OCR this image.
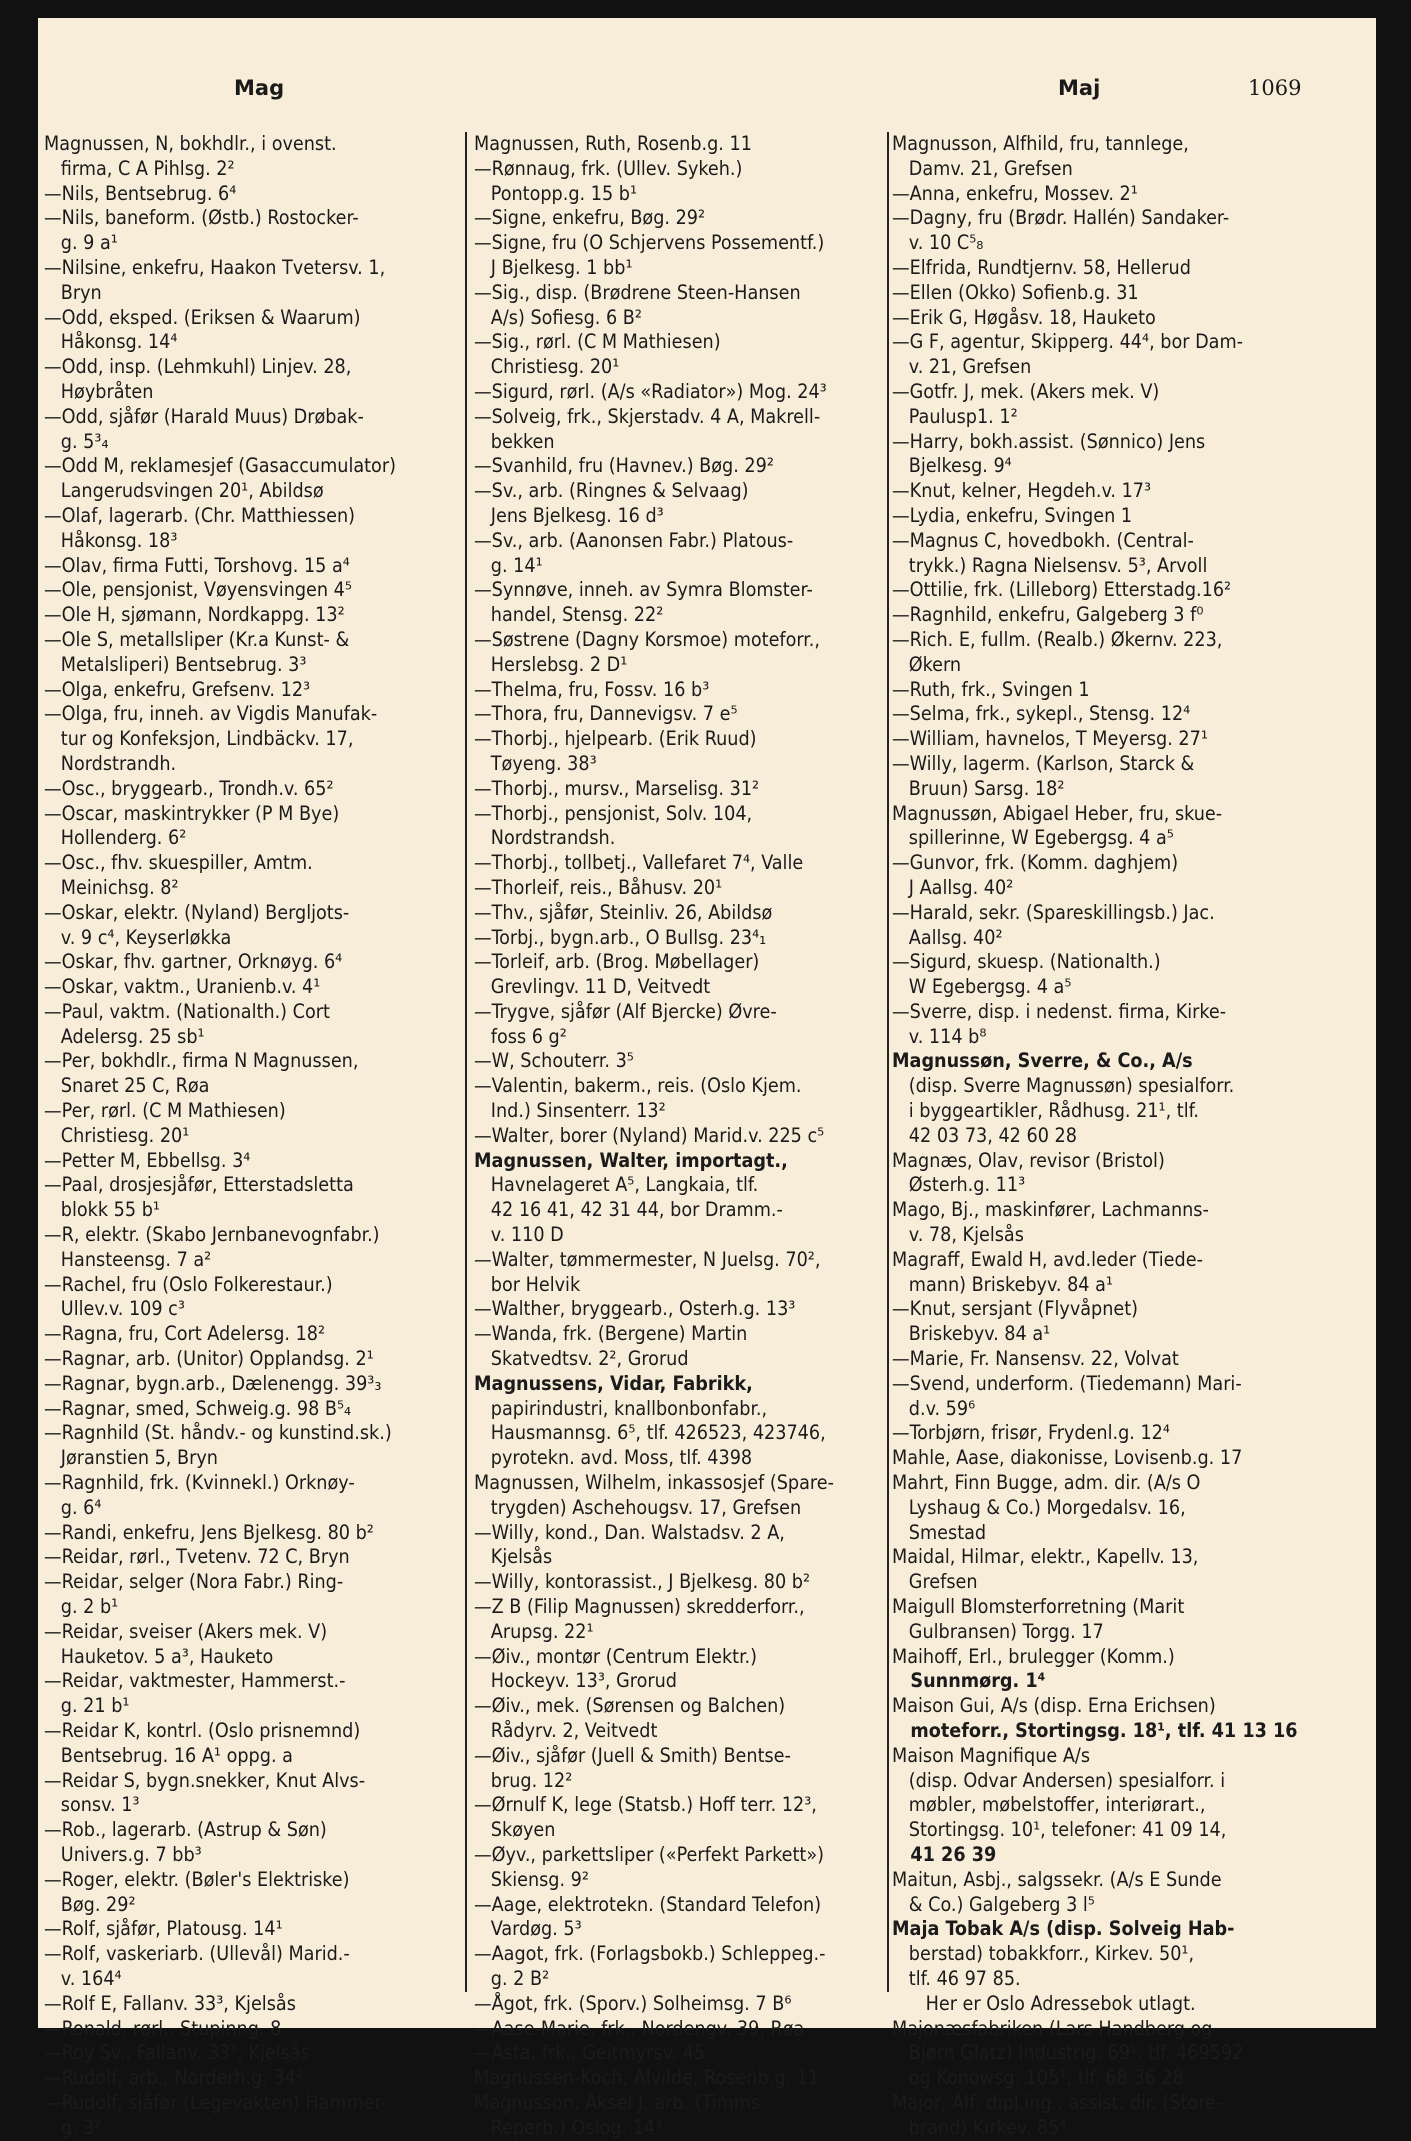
Mag	Maj	1069
Magnussen, N, bokhdlr., i ovenst.
firma, C A Pihlsg. 2²
—Nils, Bentsebrug. 6⁴
—Nils, baneform. (Østb.) Rostocker-
g. 9 a¹
—Nilsine, enkefru, Haakon Tvetersv. 1,
Bryn
—Odd, eksped. (Eriksen & Waarum)
Håkonsg. 14⁴
—Odd, insp. (Lehmkuhl) Linjev. 28,
Høybråten
—Odd, sjåfør (Harald Muus) Drøbak-
g. 5³₄
—Odd M, reklamesjef (Gasaccumulator)
Langerudsvingen 20¹, Abildsø
—Olaf, lagerarb. (Chr. Matthiessen)
Håkonsg. 18³
—Olav, firma Futti, Torshovg. 15 a⁴
—Ole, pensjonist, Vøyensvingen 4⁵
—Ole H, sjømann, Nordkappg. 13²
—Ole S, metallsliper (Kr.a Kunst- &
Metalsliperi) Bentsebrug. 3³
—Olga, enkefru, Grefsenv. 12³
—Olga, fru, inneh. av Vigdis Manufak-
tur og Konfeksjon, Lindbäckv. 17,
Nordstrandh.
—Osc., bryggearb., Trondh.v. 65²
—Oscar, maskintrykker (P M Bye)
Hollenderg. 6²
—Osc., fhv. skuespiller, Amtm.
Meinichsg. 8²
—Oskar, elektr. (Nyland) Bergljots-
v. 9 c⁴, Keyserløkka
—Oskar, fhv. gartner, Orknøyg. 6⁴
—Oskar, vaktm., Uranienb.v. 4¹
—Paul, vaktm. (Nationalth.) Cort
Adelersg. 25 sb¹
—Per, bokhdlr., firma N Magnussen,
Snaret 25 C, Røa
—Per, rørl. (C M Mathiesen)
Christiesg. 20¹
—Petter M, Ebbellsg. 3⁴
—Paal, drosjesjåfør, Etterstadsletta
blokk 55 b¹
—R, elektr. (Skabo Jernbanevognfabr.)
Hansteensg. 7 a²
—Rachel, fru (Oslo Folkerestaur.)
Ullev.v. 109 c³
—Ragna, fru, Cort Adelersg. 18²
—Ragnar, arb. (Unitor) Opplandsg. 2¹
—Ragnar, bygn.arb., Dælenengg. 39³₃
—Ragnar, smed, Schweig.g. 98 B⁵₄
—Ragnhild (St. håndv.- og kunstind.sk.)
Jøranstien 5, Bryn
—Ragnhild, frk. (Kvinnekl.) Orknøy-
g. 6⁴
—Randi, enkefru, Jens Bjelkesg. 80 b²
—Reidar, rørl., Tvetenv. 72 C, Bryn
—Reidar, selger (Nora Fabr.) Ring-
g. 2 b¹
—Reidar, sveiser (Akers mek. V)
Hauketov. 5 a³, Hauketo
—Reidar, vaktmester, Hammerst.-
g. 21 b¹
—Reidar K, kontrl. (Oslo prisnemnd)
Bentsebrug. 16 A¹ oppg. a
—Reidar S, bygn.snekker, Knut Alvs-
sonsv. 1³
—Rob., lagerarb. (Astrup & Søn)
Univers.g. 7 bb³
—Roger, elektr. (Bøler's Elektriske)
Bøg. 29²
—Rolf, sjåfør, Platousg. 14¹
—Rolf, vaskeriarb. (Ullevål) Marid.-
v. 164⁴
—Rolf E, Fallanv. 33³, Kjelsås
—Ronald, rørl., Stupinng. 8
—Roy Sv., Fallanv. 33³, Kjelsås
—Rudolf, arb., Norderh.g. 34²
—Rudolf, sjåfør (Legevakten) Hammer-
g. 3²
Magnussen, Ruth, Rosenb.g. 11
—Rønnaug, frk. (Ullev. Sykeh.)
Pontopp.g. 15 b¹
—Signe, enkefru, Bøg. 29²
—Signe, fru (O Schjervens Possementf.)
J Bjelkesg. 1 bb¹
—Sig., disp. (Brødrene Steen-Hansen
A/s) Sofiesg. 6 B²
—Sig., rørl. (C M Mathiesen)
Christiesg. 20¹
—Sigurd, rørl. (A/s «Radiator») Mog. 24³
—Solveig, frk., Skjerstadv. 4 A, Makrell-
bekken
—Svanhild, fru (Havnev.) Bøg. 29²
—Sv., arb. (Ringnes & Selvaag)
Jens Bjelkesg. 16 d³
—Sv., arb. (Aanonsen Fabr.) Platous-
g. 14¹
—Synnøve, inneh. av Symra Blomster-
handel, Stensg. 22²
—Søstrene (Dagny Korsmoe) moteforr.,
Herslebsg. 2 D¹
—Thelma, fru, Fossv. 16 b³
—Thora, fru, Dannevigsv. 7 e⁵
—Thorbj., hjelpearb. (Erik Ruud)
Tøyeng. 38³
—Thorbj., mursv., Marselisg. 31²
—Thorbj., pensjonist, Solv. 104,
Nordstrandsh.
—Thorbj., tollbetj., Vallefaret 7⁴, Valle
—Thorleif, reis., Båhusv. 20¹
—Thv., sjåfør, Steinliv. 26, Abildsø
—Torbj., bygn.arb., O Bullsg. 23⁴₁
—Torleif, arb. (Brog. Møbellager)
Grevlingv. 11 D, Veitvedt
—Trygve, sjåfør (Alf Bjercke) Øvre-
foss 6 g²
—W, Schouterr. 3⁵
—Valentin, bakerm., reis. (Oslo Kjem.
Ind.) Sinsenterr. 13²
—Walter, borer (Nyland) Marid.v. 225 c⁵
Magnussen, Walter, importagt.,
Havnelageret A⁵, Langkaia, tlf.
42 16 41, 42 31 44, bor Dramm.-
v. 110 D
—Walter, tømmermester, N Juelsg. 70²,
bor Helvik
—Walther, bryggearb., Osterh.g. 13³
—Wanda, frk. (Bergene) Martin
Skatvedtsv. 2², Grorud
Magnussens, Vidar, Fabrikk,
papirindustri, knallbonbonfabr.,
Hausmannsg. 6⁵, tlf. 426523, 423746,
pyrotekn. avd. Moss, tlf. 4398
Magnussen, Wilhelm, inkassosjef (Spare-
trygden) Aschehougsv. 17, Grefsen
—Willy, kond., Dan. Walstadsv. 2 A,
Kjelsås
—Willy, kontorassist., J Bjelkesg. 80 b²
—Z B (Filip Magnussen) skredderforr.,
Arupsg. 22¹
—Øiv., montør (Centrum Elektr.)
Hockeyv. 13³, Grorud
—Øiv., mek. (Sørensen og Balchen)
Rådyrv. 2, Veitvedt
—Øiv., sjåfør (Juell & Smith) Bentse-
brug. 12²
—Ørnulf K, lege (Statsb.) Hoff terr. 12³,
Skøyen
—Øyv., parkettsliper («Perfekt Parkett»)
Skiensg. 9²
—Aage, elektrotekn. (Standard Telefon)
Vardøg. 5³
—Aagot, frk. (Forlagsbokb.) Schleppeg.-
g. 2 B²
—Ågot, frk. (Sporv.) Solheimsg. 7 B⁶
—Aase-Marie, frk., Nordengv. 39, Røa
—Åsta, frk., Geitmyrsv. 45
Magnussen-Koch, Alvilde, Rosenb.g. 11
Magnusson, Aksel J, arb. (Timms
Reperb.) Oslog. 14³
Magnusson, Alfhild, fru, tannlege,
Damv. 21, Grefsen
—Anna, enkefru, Mossev. 2¹
—Dagny, fru (Brødr. Hallén) Sandaker-
v. 10 C⁵₈
—Elfrida, Rundtjernv. 58, Hellerud
—Ellen (Okko) Sofienb.g. 31
—Erik G, Høgåsv. 18, Hauketo
—G F, agentur, Skipperg. 44⁴, bor Dam-
v. 21, Grefsen
—Gotfr. J, mek. (Akers mek. V)
Paulusp1. 1²
—Harry, bokh.assist. (Sønnico) Jens
Bjelkesg. 9⁴
—Knut, kelner, Hegdeh.v. 17³
—Lydia, enkefru, Svingen 1
—Magnus C, hovedbokh. (Central-
trykk.) Ragna Nielsensv. 5³, Arvoll
—Ottilie, frk. (Lilleborg) Etterstadg.16²
—Ragnhild, enkefru, Galgeberg 3 f⁰
—Rich. E, fullm. (Realb.) Økernv. 223,
Økern
—Ruth, frk., Svingen 1
—Selma, frk., sykepl., Stensg. 12⁴
—William, havnelos, T Meyersg. 27¹
—Willy, lagerm. (Karlson, Starck &
Bruun) Sarsg. 18²
Magnussøn, Abigael Heber, fru, skue-
spillerinne, W Egebergsg. 4 a⁵
—Gunvor, frk. (Komm. daghjem)
J Aallsg. 40²
—Harald, sekr. (Spareskillingsb.) Jac.
Aallsg. 40²
—Sigurd, skuesp. (Nationalth.)
W Egebergsg. 4 a⁵
—Sverre, disp. i nedenst. firma, Kirke-
v. 114 b⁸
Magnussøn, Sverre, & Co., A/s
(disp. Sverre Magnussøn) spesialforr.
i byggeartikler, Rådhusg. 21¹, tlf.
42 03 73, 42 60 28
Magnæs, Olav, revisor (Bristol)
Østerh.g. 11³
Mago, Bj., maskinfører, Lachmanns-
v. 78, Kjelsås
Magraff, Ewald H, avd.leder (Tiede-
mann) Briskebyv. 84 a¹
—Knut, sersjant (Flyvåpnet)
Briskebyv. 84 a¹
—Marie, Fr. Nansensv. 22, Volvat
—Svend, underform. (Tiedemann) Mari-
d.v. 59⁶
—Torbjørn, frisør, Frydenl.g. 12⁴
Mahle, Aase, diakonisse, Lovisenb.g. 17
Mahrt, Finn Bugge, adm. dir. (A/s O
Lyshaug & Co.) Morgedalsv. 16,
Smestad
Maidal, Hilmar, elektr., Kapellv. 13,
Grefsen
Maigull Blomsterforretning (Marit
Gulbransen) Torgg. 17
Maihoff, Erl., brulegger (Komm.)
Sunnmørg. 1⁴
Maison Gui, A/s (disp. Erna Erichsen)
moteforr., Stortingsg. 18¹, tlf. 41 13 16
Maison Magnifique A/s
(disp. Odvar Andersen) spesialforr. i
møbler, møbelstoffer, interiørart.,
Stortingsg. 10¹, telefoner: 41 09 14,
41 26 39
Maitun, Asbj., salgssekr. (A/s E Sunde
& Co.) Galgeberg 3 l⁵
Maja Tobak A/s (disp. Solveig Hab-
berstad) tobakkforr., Kirkev. 50¹,
tlf. 46 97 85.
Her er Oslo Adressebok utlagt.
Majonæsfabriken (Lars Handberg og
Bjørn Glatz) Industrig. 69¹, tlf. 469592
og Konowsg. 105¹, tlf. 68 36 28
Major, Alf, dipl.ing., assist. dir. (Store-
brand) Kirkev. 85⁴
